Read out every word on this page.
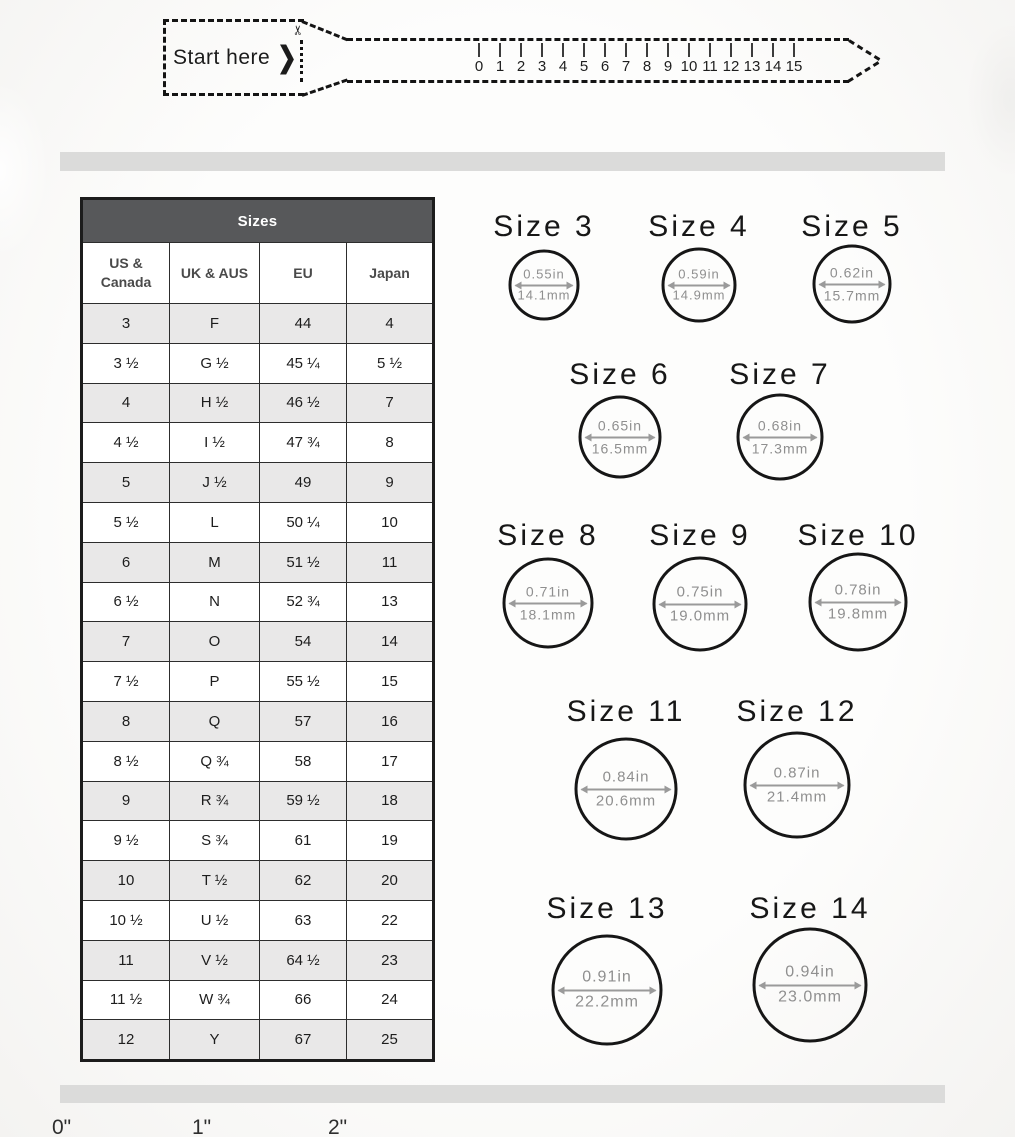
Start here ❯
✂
0 1 2 3 4 5 6 7 8 9 10 11 12 13 14 15
Sizes			
US & Canada	UK & AUS	EU	Japan
3	F	44	4
3 ½	G ½	45 ¼	5 ½
4	H ½	46 ½	7
4 ½	I ½	47 ¾	8
5	J ½	49	9
5 ½	L	50 ¼	10
6	M	51 ½	11
6 ½	N	52 ¾	13
7	O	54	14
7 ½	P	55 ½	15
8	Q	57	16
8 ½	Q ¾	58	17
9	R ¾	59 ½	18
9 ½	S ¾	61	19
10	T ½	62	20
10 ½	U ½	63	22
11	V ½	64 ½	23
11 ½	W ¾	66	24
12	Y	67	25
Size 3
0.55in
14.1mm
Size 4
0.59in
14.9mm
Size 5
0.62in
15.7mm
Size 6
0.65in
16.5mm
Size 7
0.68in
17.3mm
Size 8
0.71in
18.1mm
Size 9
0.75in
19.0mm
Size 10
0.78in
19.8mm
Size 11
0.84in
20.6mm
Size 12
0.87in
21.4mm
Size 13
0.91in
22.2mm
Size 14
0.94in
23.0mm
0"	1"	2"
